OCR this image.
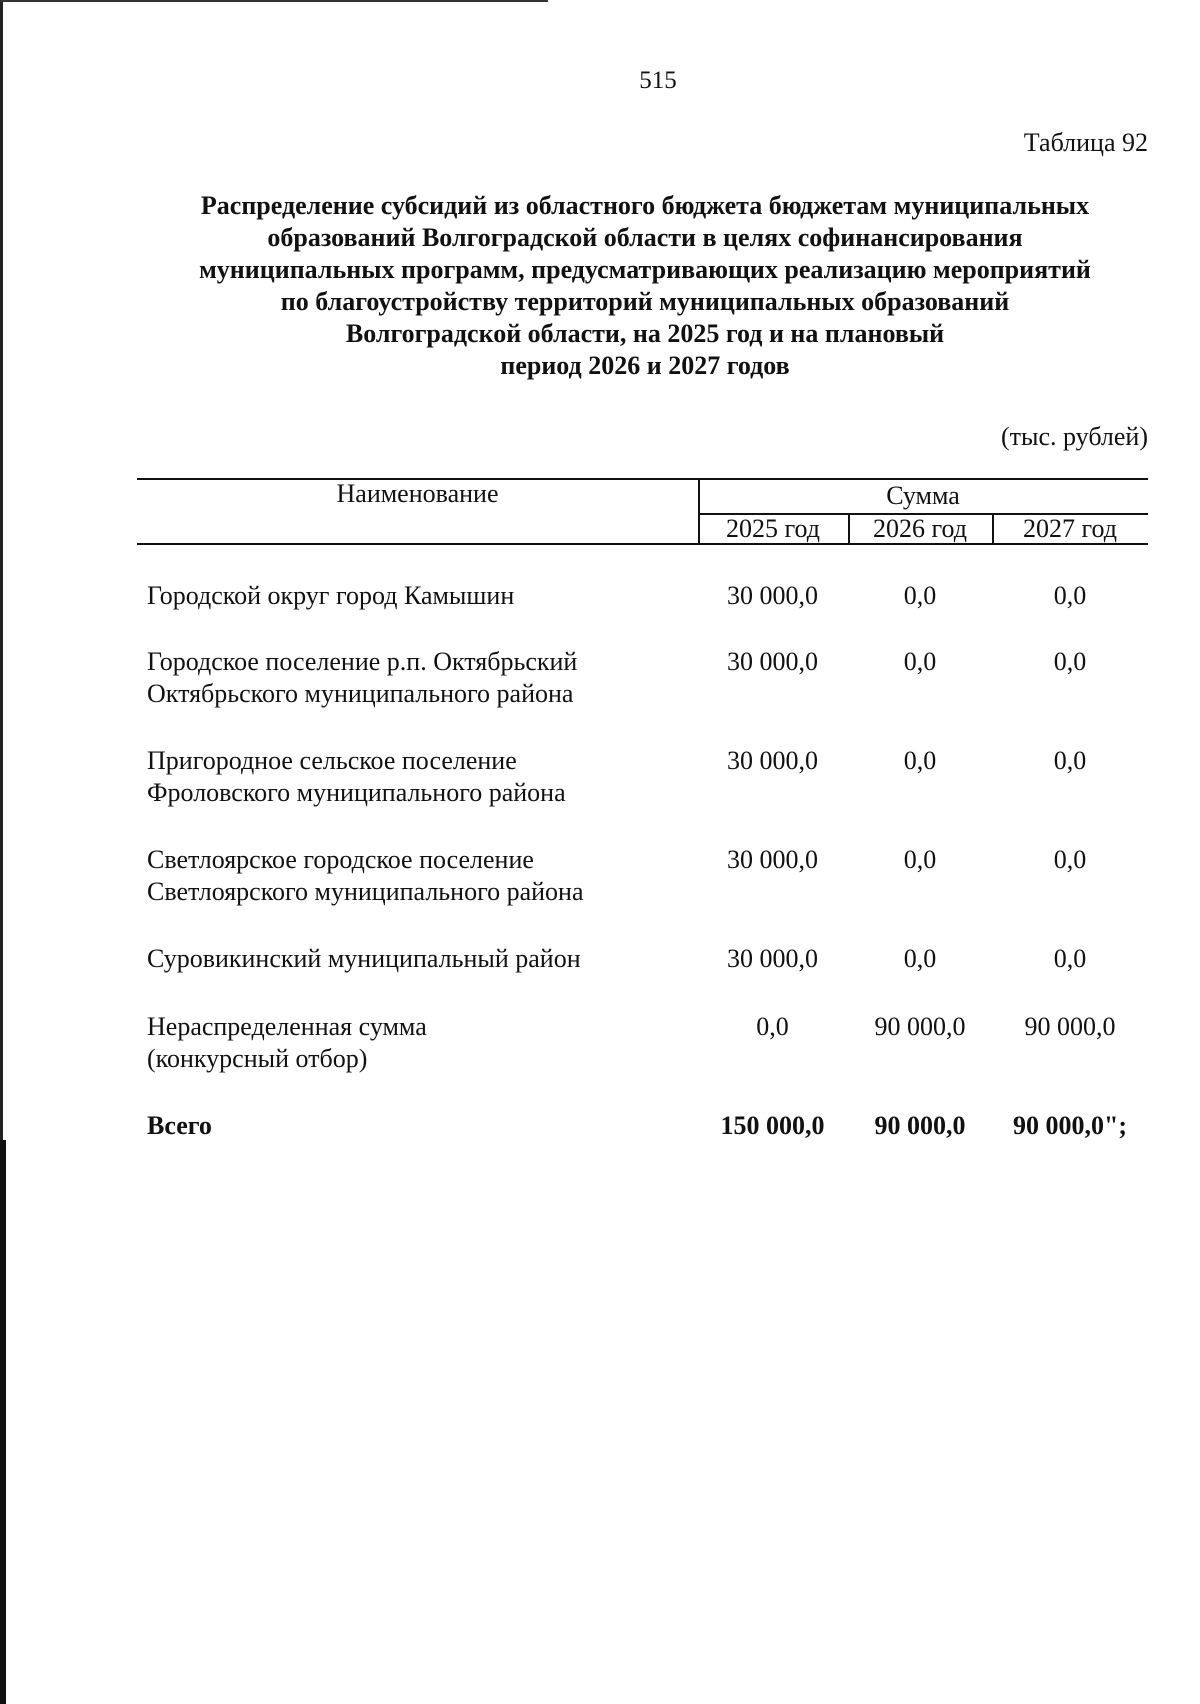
515
Таблица 92
Распределение субсидий из областного бюджета бюджетам муниципальных
образований Волгоградской области в целях софинансирования
муниципальных программ, предусматривающих реализацию мероприятий
по благоустройству территорий муниципальных образований
Волгоградской области, на 2025 год и на плановый
период 2026 и 2027 годов
(тыс. рублей)
Наименование	Сумма
2025 год	2026 год	2027 год
Городской округ город Камышин	30 000,0	0,0	0,0
Городское поселение р.п. Октябрьский
Октябрьского муниципального района
30 000,0	0,0	0,0
Пригородное сельское поселение
Фроловского муниципального района
30 000,0	0,0	0,0
Светлоярское городское поселение
Светлоярского муниципального района
30 000,0	0,0	0,0
Суровикинский муниципальный район	30 000,0	0,0	0,0
Нераспределенная сумма
(конкурсный отбор)
0,0	90 000,0	90 000,0
Всего	150 000,0	90 000,0	90 000,0";
